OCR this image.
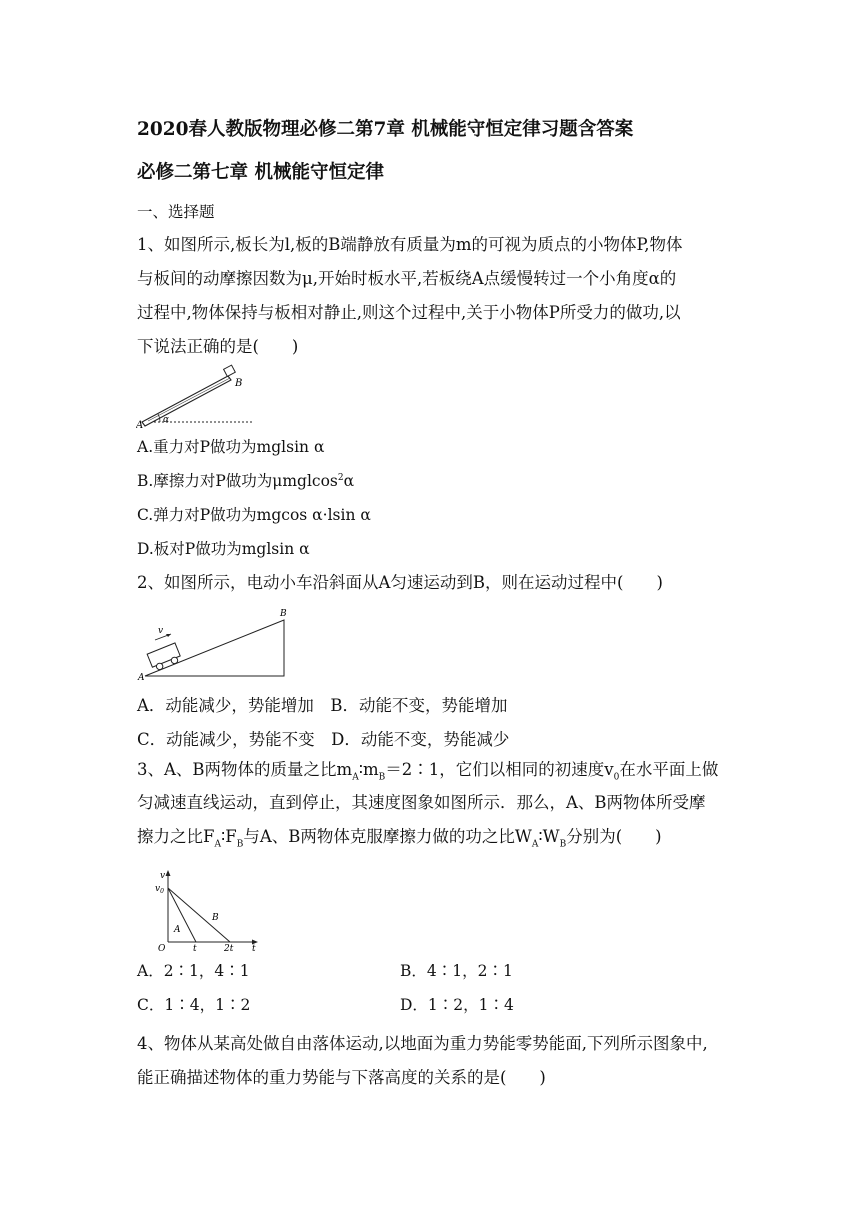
2020春人教版物理必修二第7章 机械能守恒定律习题含答案
必修二第七章 机械能守恒定律
一、选择题
1、如图所示,板长为l,板的B端静放有质量为m的可视为质点的小物体P,物体
与板间的动摩擦因数为μ,开始时板水平,若板绕A点缓慢转过一个小角度α的
过程中,物体保持与板相对静止,则这个过程中,关于小物体P所受力的做功,以
下说法正确的是(　　)
A
B
α
A.重力对P做功为mglsin α
B.摩擦力对P做功为μmglcos$^2$α
C.弹力对P做功为mgcos α·lsin α
D.板对P做功为mglsin α
2、如图所示，电动小车沿斜面从A匀速运动到B，则在运动过程中(　　)
v
A
B
A．动能减少，势能增加　B．动能不变，势能增加
C．动能减少，势能不变　D．动能不变，势能减少
3、A、B两物体的质量之比$m_A∶m_B=2∶1$，它们以相同的初速度$v_0$在水平面上做
匀减速直线运动，直到停止，其速度图象如图所示．那么，A、B两物体所受摩
擦力之比$F_A∶F_B$与A、B两物体克服摩擦力做的功之比$W_A∶W_B$分别为(　　)
v
$v_0$
O
A
B
t	2t t
A．2∶1，4∶1	B．4∶1，2∶1
C．1∶4，1∶2	D．1∶2，1∶4
4、物体从某高处做自由落体运动,以地面为重力势能零势能面,下列所示图象中,
能正确描述物体的重力势能与下落高度的关系的是(　　)
